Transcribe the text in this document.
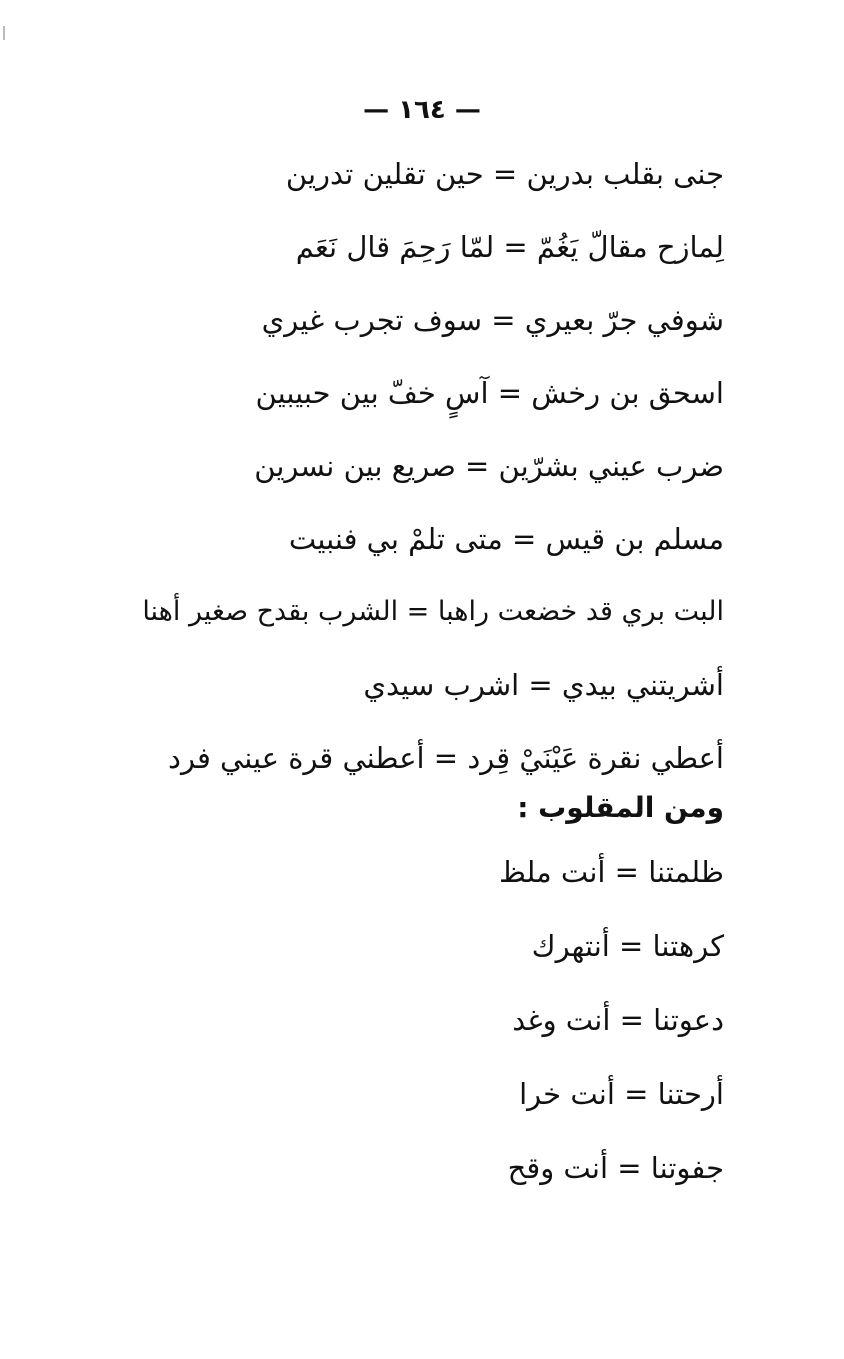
— ١٦٤ —
جنى بقلب بدرين = حين تقلين تدرين
لِمازح مقالّ يَغُمّ = لمّا رَحِمَ قال نَعَم
شوفي جرّ بعيري = سوف تجرب غيري
اسحق بن رخش = آسٍ خفّ بين حبيبين
ضرب عيني بشرّين = صريع بين نسرين
مسلم بن قيس = متى تلمْ بي فنبيت
البت بري قد خضعت راهبا = الشرب بقدح صغير أهنا
أشريتني بيدي = اشرب سيدي
أعطي نقرة عَيْنَيْ قِرد = أعطني قرة عيني فرد
ومن المقلوب :
ظلمتنا = أنت ملظ
كرهتنا = أنتهرك
دعوتنا = أنت وغد
أرحتنا = أنت خرا
جفوتنا = أنت وقح
